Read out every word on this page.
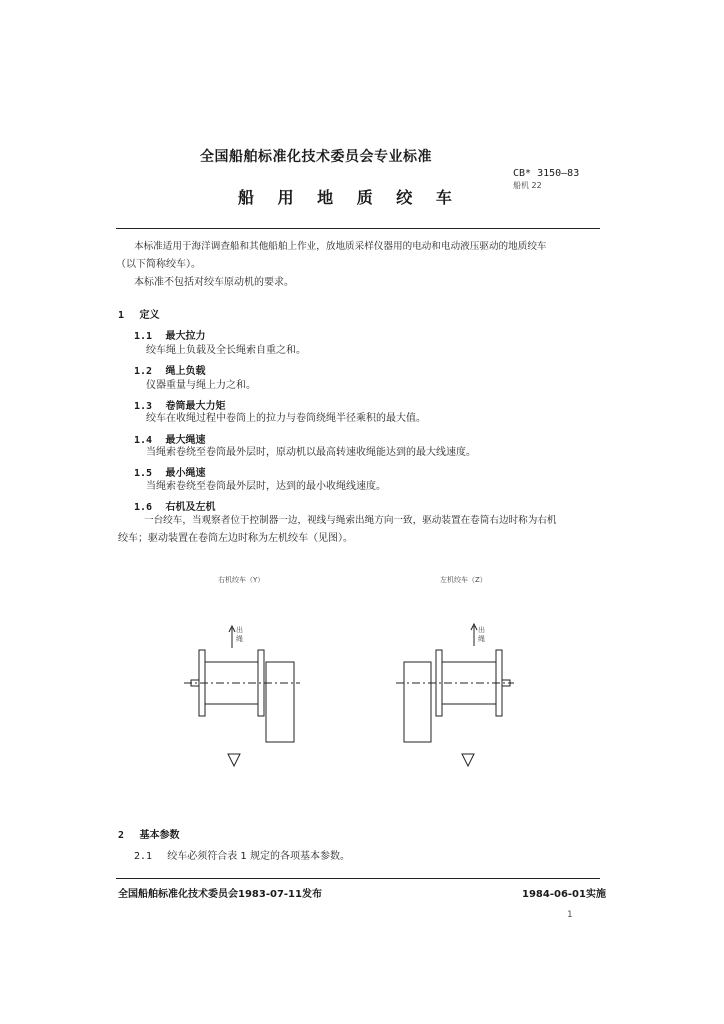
全国船舶标准化技术委员会专业标准
船 用 地 质 绞 车
CB* 3150—83
船机 22
本标准适用于海洋调查船和其他船舶上作业，放地质采样仪器用的电动和电动液压驱动的地质绞车
（以下简称绞车）。
本标准不包括对绞车原动机的要求。
1 定义
1.1 最大拉力
绞车绳上负载及全长绳索自重之和。
1.2 绳上负载
仪器重量与绳上力之和。
1.3 卷筒最大力矩
绞车在收绳过程中卷筒上的拉力与卷筒绕绳半径乘积的最大值。
1.4 最大绳速
当绳索卷绕至卷筒最外层时，原动机以最高转速收绳能达到的最大线速度。
1.5 最小绳速
当绳索卷绕至卷筒最外层时，达到的最小收绳线速度。
1.6 右机及左机
一台绞车，当观察者位于控制器一边，视线与绳索出绳方向一致，驱动装置在卷筒右边时称为右机
绞车；驱动装置在卷筒左边时称为左机绞车（见图）。
右机绞车（Y）	左机绞车（Z）
出绳
出绳
2 基本参数
2.1 绞车必须符合表 1 规定的各项基本参数。
全国船舶标准化技术委员会1983-07-11发布	1984-06-01实施
1
